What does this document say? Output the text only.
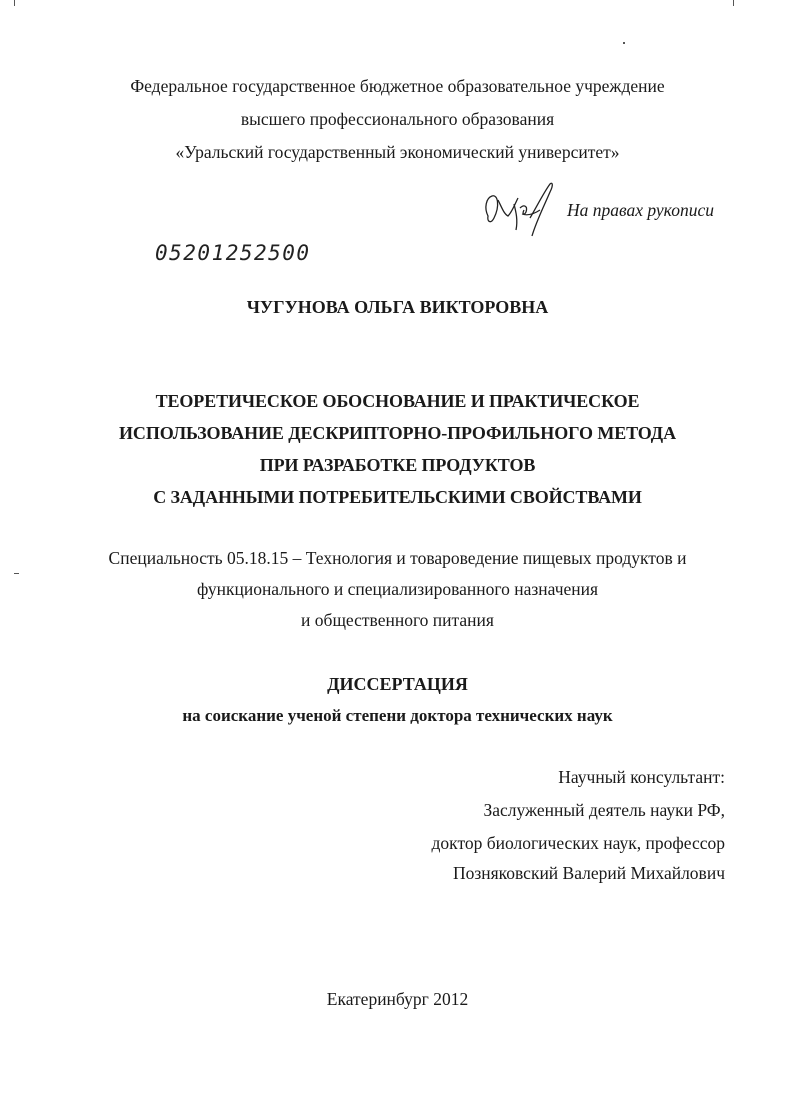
Федеральное государственное бюджетное образовательное учреждение
высшего профессионального образования
«Уральский государственный экономический университет»
На правах рукописи
05201252500
ЧУГУНОВА ОЛЬГА ВИКТОРОВНА
ТЕОРЕТИЧЕСКОЕ ОБОСНОВАНИЕ И ПРАКТИЧЕСКОЕ
ИСПОЛЬЗОВАНИЕ ДЕСКРИПТОРНО-ПРОФИЛЬНОГО МЕТОДА
ПРИ РАЗРАБОТКЕ ПРОДУКТОВ
С ЗАДАННЫМИ ПОТРЕБИТЕЛЬСКИМИ СВОЙСТВАМИ
Специальность 05.18.15 – Технология и товароведение пищевых продуктов и
функционального и специализированного назначения
и общественного питания
ДИССЕРТАЦИЯ
на соискание ученой степени доктора технических наук
Научный консультант:
Заслуженный деятель науки РФ,
доктор биологических наук, профессор
Позняковский Валерий Михайлович
Екатеринбург 2012
